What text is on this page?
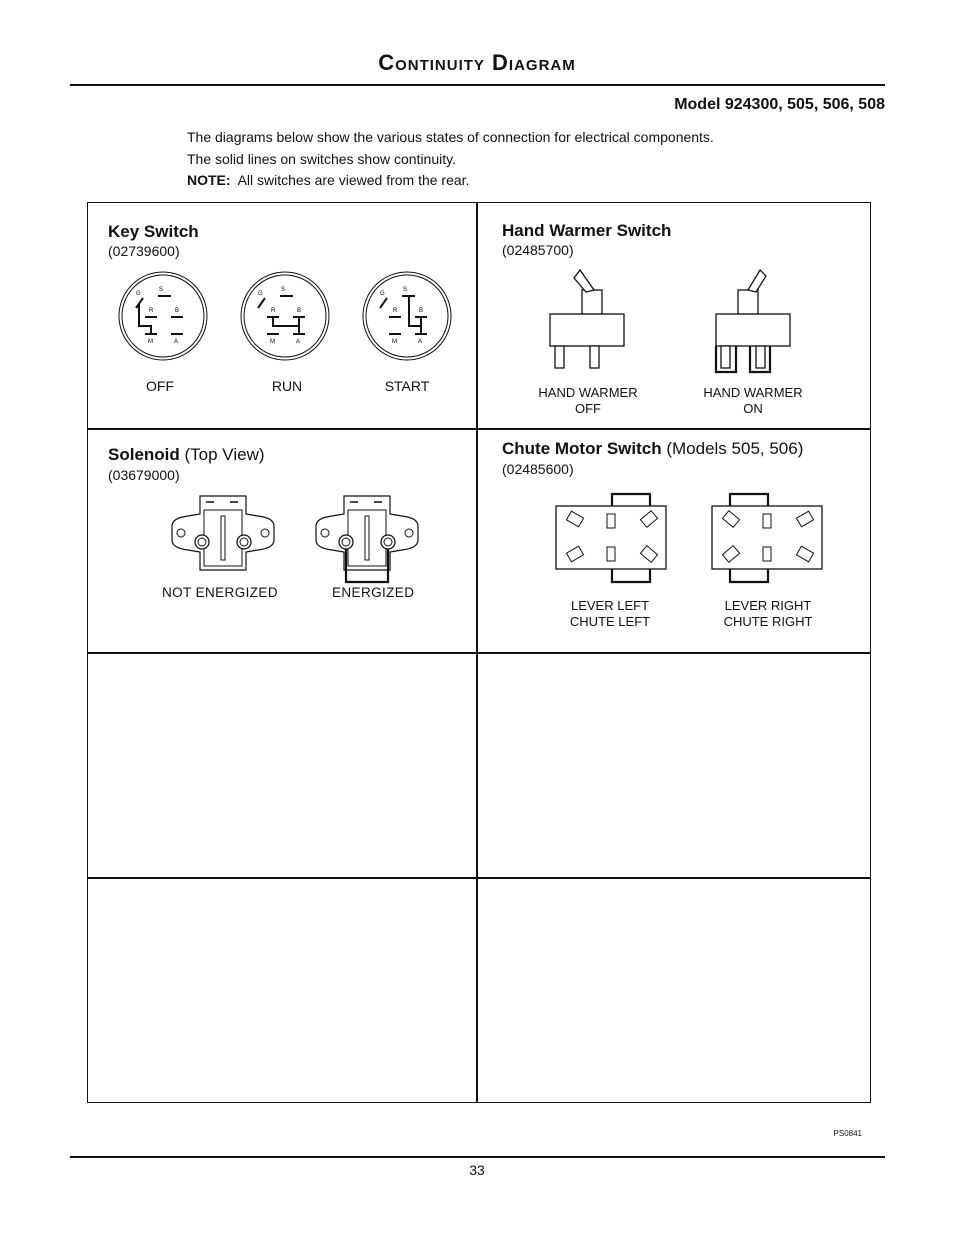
Continuity Diagram
Model 924300, 505, 506, 508
The diagrams below show the various states of connection for electrical components.
The solid lines on switches show continuity.
NOTE: All switches are viewed from the rear.
Key Switch
(02739600)
G
S
R	B
M	A
G
S
R	B
M	A
G
S
R	B
M	A
OFF	RUN	START
Hand Warmer Switch
(02485700)
HAND WARMER
OFF
HAND WARMER
ON
Solenoid (Top View)
(03679000)
NOT ENERGIZED	ENERGIZED
Chute Motor Switch (Models 505, 506)
(02485600)
LEVER LEFT
CHUTE LEFT
LEVER RIGHT
CHUTE RIGHT
PS0841
33
